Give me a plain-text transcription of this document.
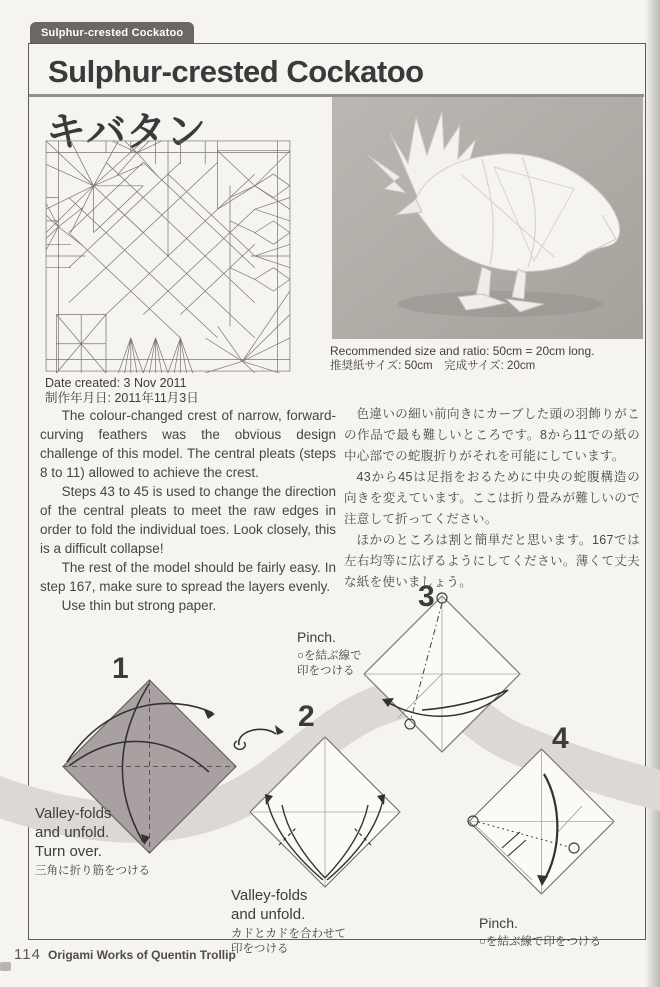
Sulphur-crested Cockatoo
Sulphur-crested Cockatoo
キバタン
Recommended size and ratio: 50cm = 20cm long.
推奨紙サイズ: 50cm　完成サイズ: 20cm
Date created: 3 Nov 2011
制作年月日: 2011年11月3日

The colour-changed crest of narrow, forward-curving feathers was the obvious design challenge of this model. The central pleats (steps 8 to 11) allowed to achieve the crest.

Steps 43 to 45 is used to change the direction of the central pleats to meet the raw edges in order to fold the individual toes. Look closely, this is a difficult collapse!

The rest of the model should be fairly easy. In step 167, make sure to spread the layers evenly.

Use thin but strong paper.

色違いの細い前向きにカーブした頭の羽飾りがこの作品で最も難しいところです。8から11での紙の中心部での蛇腹折りがそれを可能にしています。

43から45は足指をおるために中央の蛇腹構造の向きを変えています。ここは折り畳みが難しいので注意して折ってください。

ほかのところは割と簡単だと思います。167では左右均等に広げるようにしてください。薄くて丈夫な紙を使いましょう。

1
2
3
4
Valley-folds
and unfold.
Turn over.
三角に折り筋をつける
Valley-folds
and unfold.
カドとカドを合わせて
印をつける
Pinch.
○を結ぶ線で
印をつける
Pinch.
○を結ぶ線で印をつける
114 Origami Works of Quentin Trollip
